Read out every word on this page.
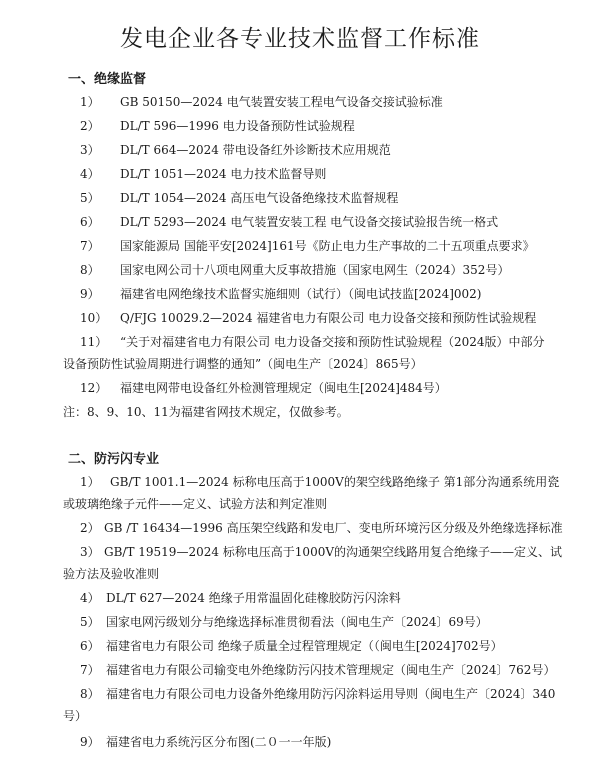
发电企业各专业技术监督工作标准
一、绝缘监督
1） GB 50150—2024 电气装置安装工程电气设备交接试验标准
2） DL/T 596—1996 电力设备预防性试验规程
3） DL/T 664—2024 带电设备红外诊断技术应用规范
4） DL/T 1051—2024 电力技术监督导则
5） DL/T 1054—2024 高压电气设备绝缘技术监督规程
6） DL/T 5293—2024 电气装置安装工程 电气设备交接试验报告统一格式
7） 国家能源局 国能平安[2024]161号《防止电力生产事故的二十五项重点要求》
8） 国家电网公司十八项电网重大反事故措施（国家电网生（2024）352号）
9） 福建省电网绝缘技术监督实施细则（试行）（闽电试技监[2024]002)
10） Q/FJG 10029.2—2024 福建省电力有限公司 电力设备交接和预防性试验规程
11） “关于对福建省电力有限公司 电力设备交接和预防性试验规程（2024版）中部分
设备预防性试验周期进行调整的通知”（闽电生产〔2024〕865号）
12） 福建电网带电设备红外检测管理规定（闽电生[2024]484号）
注：8、9、10、11为福建省网技术规定，仅做参考。
二、防污闪专业
1） GB/T 1001.1—2024 标称电压高于1000V的架空线路绝缘子 第1部分沟通系统用瓷
或玻璃绝缘子元件——定义、试验方法和判定准则
2） GB /T 16434—1996 高压架空线路和发电厂、变电所环境污区分级及外绝缘选择标准
3） GB/T 19519—2024 标称电压高于1000V的沟通架空线路用复合绝缘子——定义、试
验方法及验收准则
4） DL/T 627—2024 绝缘子用常温固化硅橡胶防污闪涂料
5） 国家电网污级划分与绝缘选择标准贯彻看法（闽电生产〔2024〕69号）
6） 福建省电力有限公司 绝缘子质量全过程管理规定（（闽电生[2024]702号）
7） 福建省电力有限公司输变电外绝缘防污闪技术管理规定（闽电生产〔2024〕762号）
8） 福建省电力有限公司电力设备外绝缘用防污闪涂料运用导则（闽电生产〔2024〕340
号）
9） 福建省电力系统污区分布图(二０一一年版)
